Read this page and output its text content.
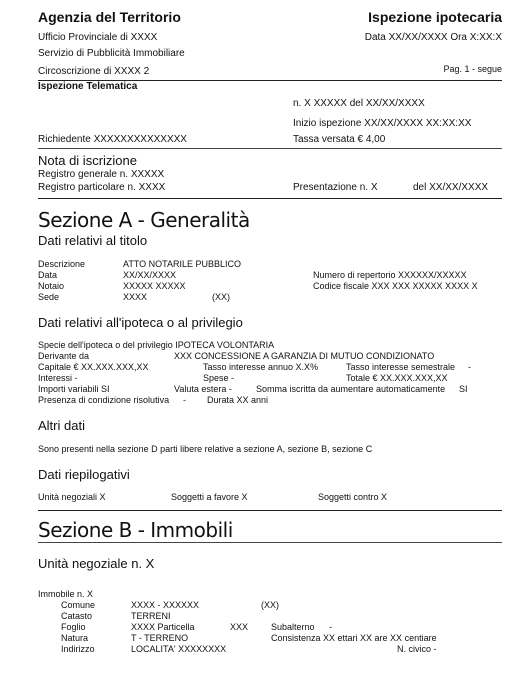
Agenzia del Territorio	Ispezione ipotecaria
Ufficio Provinciale di XXXX	Data XX/XX/XXXX Ora X:XX:X
Servizio di Pubblicità Immobiliare
Circoscrizione di XXXX 2	Pag. 1 - segue
Ispezione Telematica
n. X XXXXX del XX/XX/XXXX
Inizio ispezione XX/XX/XXXX XX:XX:XX
Richiedente XXXXXXXXXXXXXX	Tassa versata € 4,00
Nota di iscrizione
Registro generale n. XXXXX
Registro particolare n. XXXX	Presentazione n. X	del XX/XX/XXXX
Sezione A - Generalità
Dati relativi al titolo
Descrizione	ATTO NOTARILE PUBBLICO
Data	XX/XX/XXXX	Numero di repertorio XXXXXX/XXXXX
Notaio	XXXXX XXXXX	Codice fiscale XXX XXX XXXXX XXXX X
Sede	XXXX	(XX)
Dati relativi all'ipoteca o al privilegio
Specie dell'ipoteca o del privilegio IPOTECA VOLONTARIA
Derivante da	XXX CONCESSIONE A GARANZIA DI MUTUO CONDIZIONATO
Capitale € XX.XXX.XXX,XX	Tasso interesse annuo X.X%	Tasso interesse semestrale -
Interessi -	Spese -	Totale € XX.XXX.XXX,XX
Importi variabili SI	Valuta estera -	Somma iscritta da aumentare automaticamente SI
Presenza di condizione risolutiva - Durata XX anni
Altri dati
Sono presenti nella sezione D parti libere relative a sezione A, sezione B, sezione C
Dati riepilogativi
Unità negoziali X	Soggetti a favore X	Soggetti contro X
Sezione B - Immobili
Unità negoziale n. X
Immobile n. X
Comune	XXXX - XXXXXX	(XX)
Catasto	TERRENI
Foglio	XXXX Particella	XXX	Subalterno -
Natura	T - TERRENO	Consistenza XX ettari XX are XX centiare
Indirizzo	LOCALITA' XXXXXXXX	N. civico -
